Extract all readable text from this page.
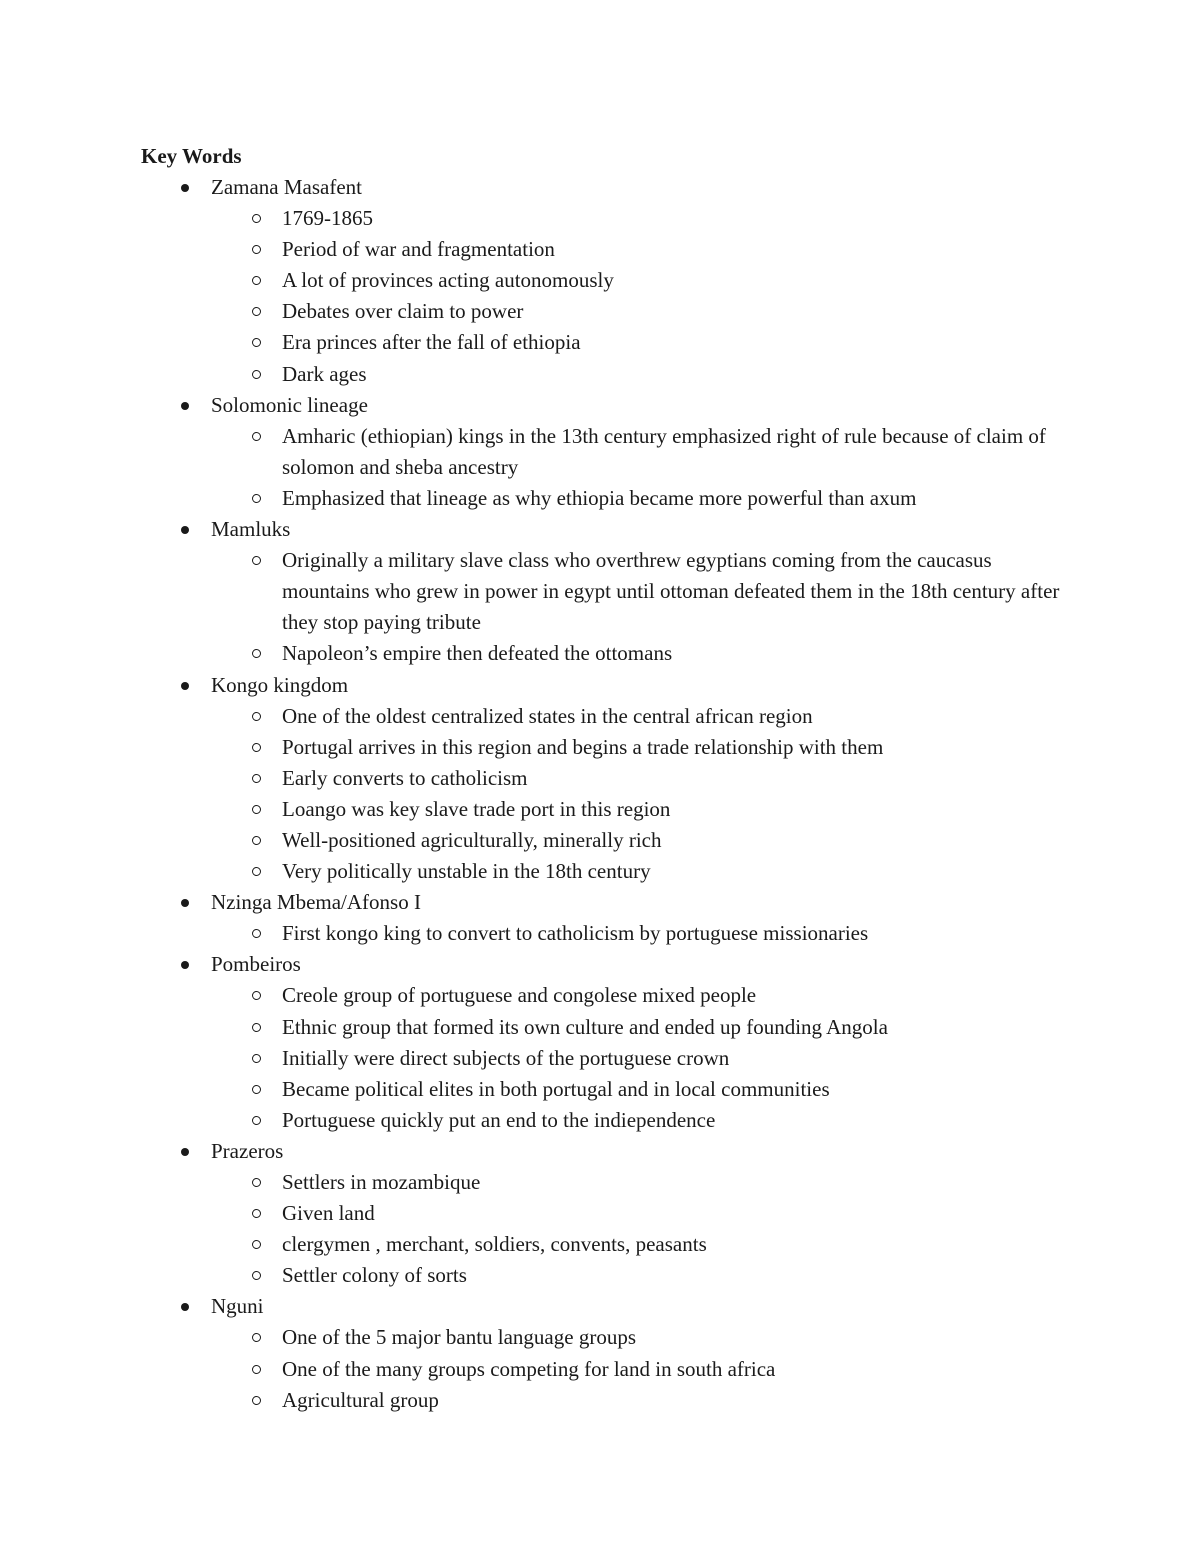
Key Words
Zamana Masafent
1769-1865
Period of war and fragmentation
A lot of provinces acting autonomously
Debates over claim to power
Era princes after the fall of ethiopia
Dark ages
Solomonic lineage
Amharic (ethiopian) kings in the 13th century emphasized right of rule because of claim of solomon and sheba ancestry
Emphasized that lineage as why ethiopia became more powerful than axum
Mamluks
Originally a military slave class who overthrew egyptians coming from the caucasus mountains who grew in power in egypt until ottoman defeated them in the 18th century after they stop paying tribute
Napoleon’s empire then defeated the ottomans
Kongo kingdom
One of the oldest centralized states in the central african region
Portugal arrives in this region and begins a trade relationship with them
Early converts to catholicism
Loango was key slave trade port in this region
Well-positioned agriculturally, minerally rich
Very politically unstable in the 18th century
Nzinga Mbema/Afonso I
First kongo king to convert to catholicism by portuguese missionaries
Pombeiros
Creole group of portuguese and congolese mixed people
Ethnic group that formed its own culture and ended up founding Angola
Initially were direct subjects of the portuguese crown
Became political elites in both portugal and in local communities
Portuguese quickly put an end to the indiependence
Prazeros
Settlers in mozambique
Given land
clergymen , merchant, soldiers, convents, peasants
Settler colony of sorts
Nguni
One of the 5 major bantu language groups
One of the many groups competing for land in south africa
Agricultural group
